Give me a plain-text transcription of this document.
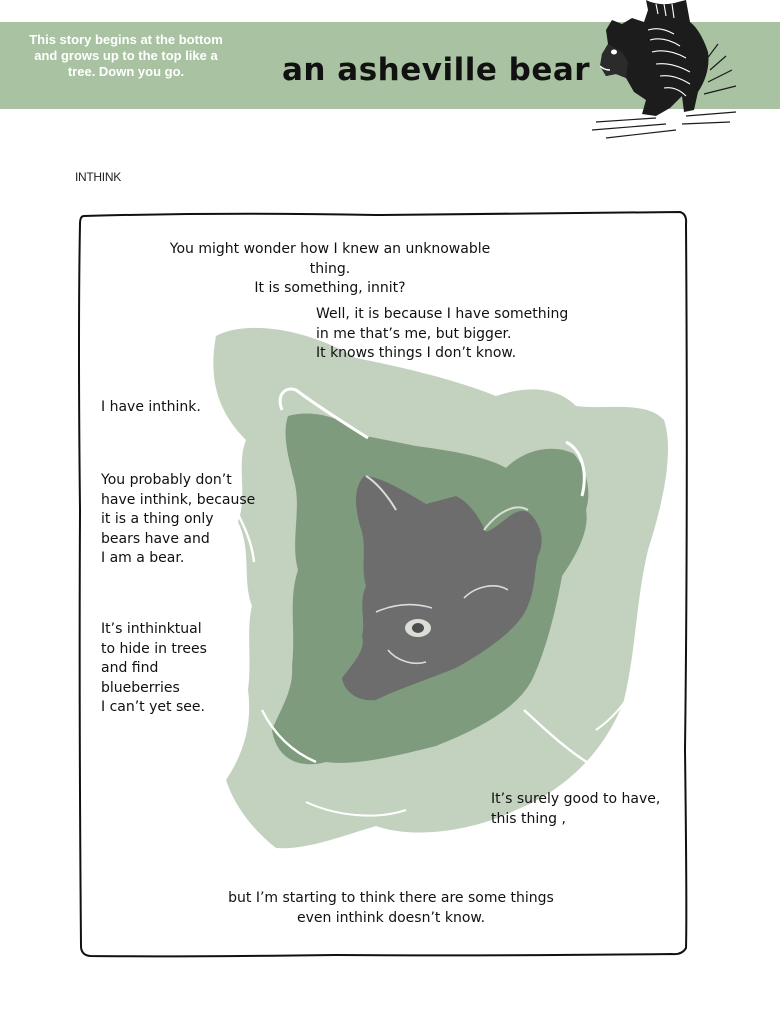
This story begins at the bottom
and grows up to the top like a
tree. Down you go.	an asheville bear
INTHINK
You might wonder how I knew an unknowable thing.
It is something, innit?
Well, it is because I have something
in me that’s me, but bigger.
It knows things I don’t know.
I have inthink.
You probably don’t
have inthink, because
it is a thing only
bears have and
I am a bear.
It’s inthinktual
to hide in trees
and find
blueberries
I can’t yet see.
It’s surely good to have,
this thing ,
but I’m starting to think there are some things
even inthink doesn’t know.
